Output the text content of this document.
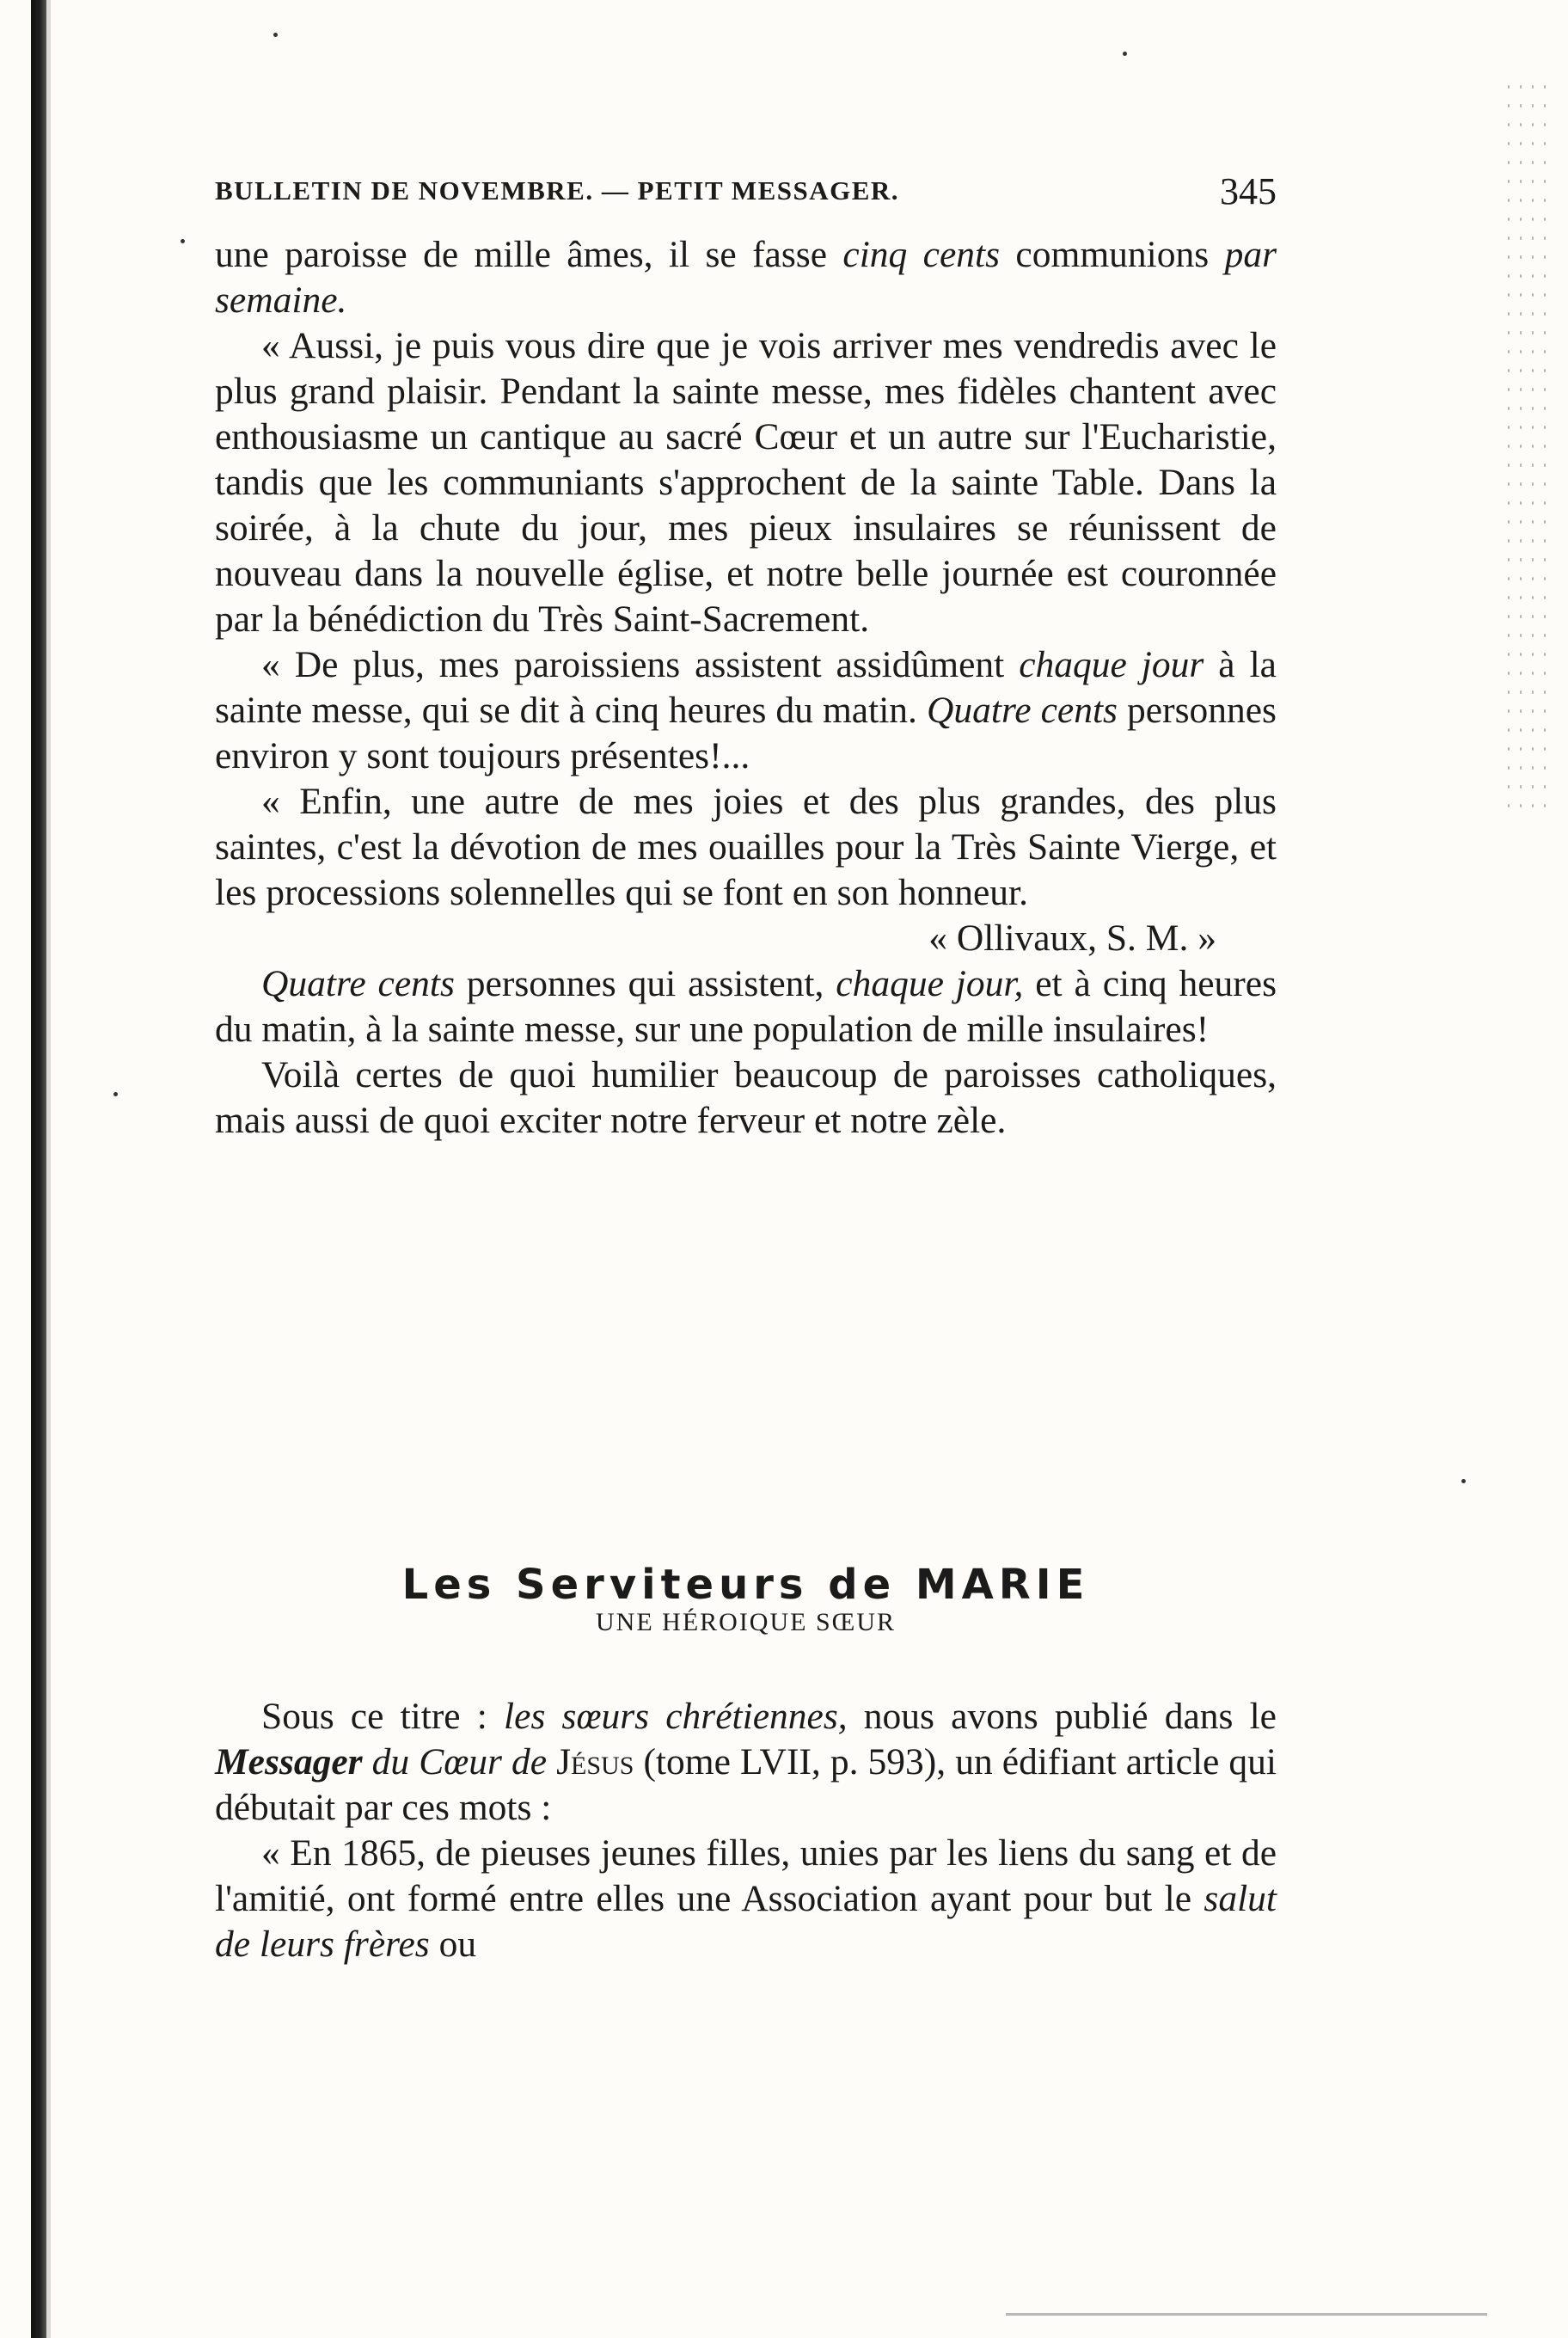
BULLETIN DE NOVEMBRE. — PETIT MESSAGER.	345

une paroisse de mille âmes, il se fasse cinq cents communions par semaine.

« Aussi, je puis vous dire que je vois arriver mes vendredis avec le plus grand plaisir. Pendant la sainte messe, mes fidèles chantent avec enthousiasme un cantique au sacré Cœur et un autre sur l'Eucharistie, tandis que les communiants s'approchent de la sainte Table. Dans la soirée, à la chute du jour, mes pieux insulaires se réunissent de nouveau dans la nouvelle église, et notre belle journée est couronnée par la bénédiction du Très Saint-Sacrement.

« De plus, mes paroissiens assistent assidûment chaque jour à la sainte messe, qui se dit à cinq heures du matin. Quatre cents personnes environ y sont toujours présentes!...

« Enfin, une autre de mes joies et des plus grandes, des plus saintes, c'est la dévotion de mes ouailles pour la Très Sainte Vierge, et les processions solennelles qui se font en son honneur.

« Ollivaux, S. M. »

Quatre cents personnes qui assistent, chaque jour, et à cinq heures du matin, à la sainte messe, sur une population de mille insulaires!

Voilà certes de quoi humilier beaucoup de paroisses catholiques, mais aussi de quoi exciter notre ferveur et notre zèle.

Les Serviteurs de MARIE
UNE HÉROIQUE SŒUR

Sous ce titre : les sœurs chrétiennes, nous avons publié dans le Messager du Cœur de Jésus (tome LVII, p. 593), un édifiant article qui débutait par ces mots :

« En 1865, de pieuses jeunes filles, unies par les liens du sang et de l'amitié, ont formé entre elles une Association ayant pour but le salut de leurs frères ou
